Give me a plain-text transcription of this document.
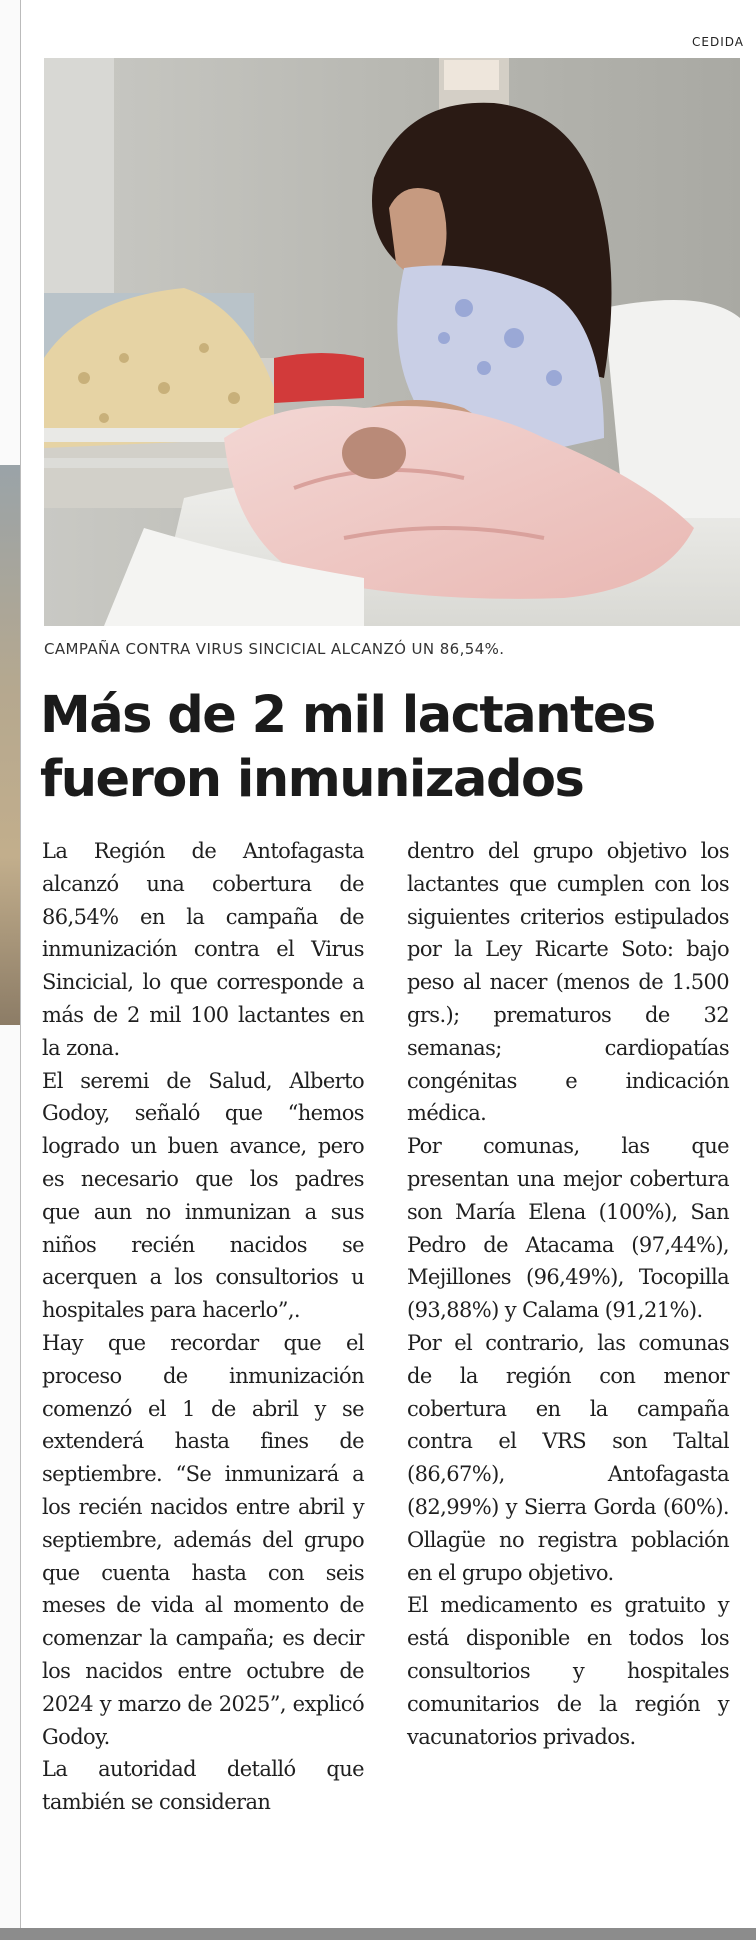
CEDIDA
CAMPAÑA CONTRA VIRUS SINCICIAL ALCANZÓ UN 86,54%.
Más de 2 mil lactantes
fueron inmunizados

La Región de Antofagasta alcanzó una cobertura de 86,54% en la campaña de inmunización contra el Virus Sincicial, lo que corresponde a más de 2 mil 100 lactantes en la zona.

El seremi de Salud, Alberto Godoy, señaló que “hemos logrado un buen avance, pero es necesario que los padres que aun no inmunizan a sus niños recién nacidos se acerquen a los consultorios u hospitales para hacerlo”,.

Hay que recordar que el proceso de inmunización comenzó el 1 de abril y se extenderá hasta fines de septiembre. “Se inmunizará a los recién nacidos entre abril y septiembre, además del grupo que cuenta hasta con seis meses de vida al momento de comenzar la campaña; es decir los nacidos entre octubre de 2024 y marzo de 2025”, explicó Godoy.

La autoridad detalló que también se consideran

dentro del grupo objetivo los lactantes que cumplen con los siguientes criterios estipulados por la Ley Ricarte Soto: bajo peso al nacer (menos de 1.500 grs.); prematuros de 32 semanas; cardiopatías congénitas e indicación médica.

Por comunas, las que presentan una mejor cobertura son María Elena (100%), San Pedro de Atacama (97,44%), Mejillones (96,49%), Tocopilla (93,88%) y Calama (91,21%).

Por el contrario, las comunas de la región con menor cobertura en la campaña contra el VRS son Taltal (86,67%), Antofagasta (82,99%) y Sierra Gorda (60%). Ollagüe no registra población en el grupo objetivo.

El medicamento es gratuito y está disponible en todos los consultorios y hospitales comunitarios de la región y vacunatorios privados.
